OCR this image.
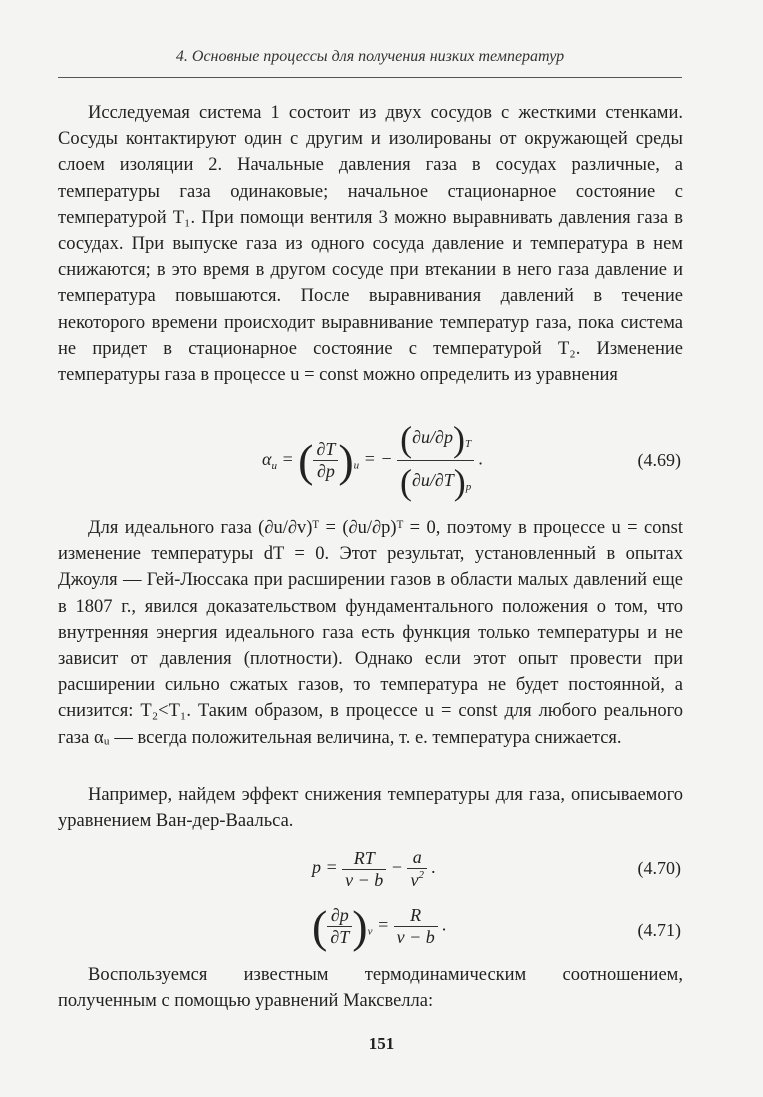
4. Основные процессы для получения низких температур

Исследуемая система 1 состоит из двух сосудов с жесткими стенками. Сосуды контактируют один с другим и изолированы от окружающей среды слоем изоляции 2. Начальные давления газа в сосудах различные, а температуры газа одинаковые; начальное стационарное состояние с температурой T₁. При помощи вентиля 3 можно выравнивать давления газа в сосудах. При выпуске газа из одного сосуда давление и температура в нем снижаются; в это время в другом сосуде при втекании в него газа давление и температура повышаются. После выравнивания давлений в течение некоторого времени происходит выравнивание температур газа, пока система не придет в стационарное состояние с температурой T₂. Изменение температуры газа в процессе u = const можно определить из уравнения

$\alpha_u$ = ( $\frac{\partial T}{\partial p} )_u$ = − $\frac{(\partial u/\partial p)_T}{(\partial u/\partial T)_p}$ .	(4.69)

Для идеального газа (∂u/∂v)ᵀ = (∂u/∂p)ᵀ = 0, поэтому в процессе u = const изменение температуры dT = 0. Этот результат, установленный в опытах Джоуля — Гей-Люссака при расширении газов в области малых давлений еще в 1807 г., явился доказательством фундаментального положения о том, что внутренняя энергия идеального газа есть функция только температуры и не зависит от давления (плотности). Однако если этот опыт провести при расширении сильно сжатых газов, то температура не будет постоянной, а снизится: T₂<T₁. Таким образом, в процессе u = const для любого реального газа αᵤ — всегда положительная величина, т. е. температура снижается.

Например, найдем эффект снижения температуры для газа, описываемого уравнением Ван-дер-Ваальса.

$p = \frac{RT}{v - b} - \frac{a}{v^2}$ .	(4.70)
( $\frac{\partial p}{\partial T} )_v = \frac{R}{v - b}$ .	(4.71)

Воспользуемся известным термодинамическим соотношением, полученным с помощью уравнений Максвелла:

151
